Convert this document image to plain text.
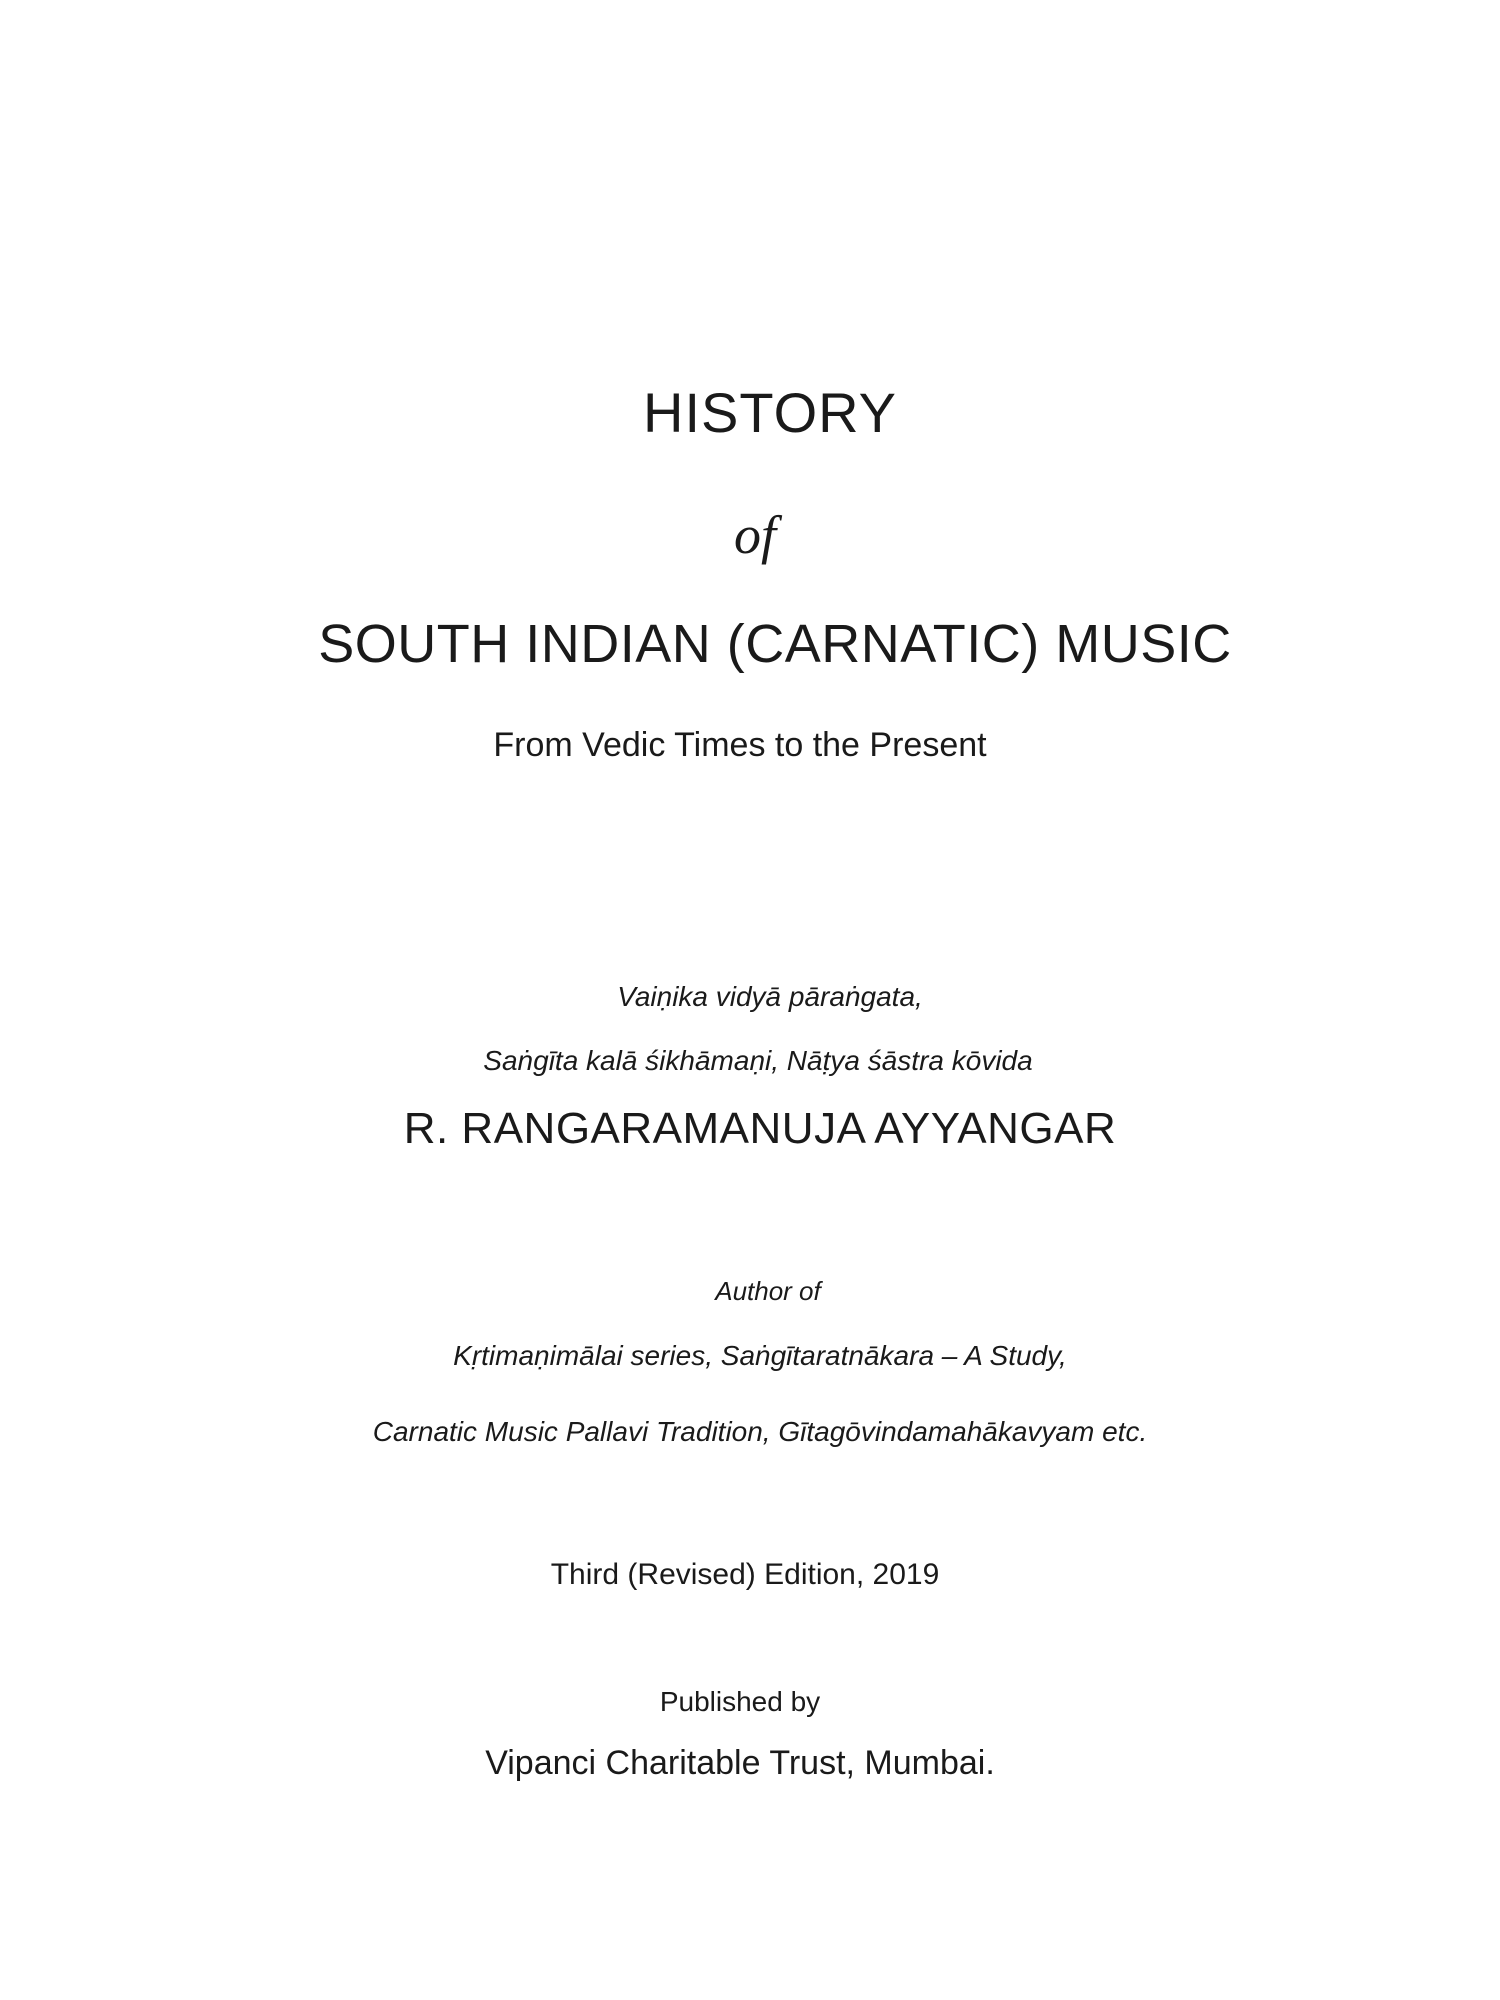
HISTORY
of
SOUTH INDIAN (CARNATIC) MUSIC
From Vedic Times to the Present
Vaiṇika vidyā pāraṅgata,
Saṅgīta kalā śikhāmaṇi, Nāṭya śāstra kōvida
R. RANGARAMANUJA AYYANGAR
Author of
Kṛtimaṇimālai series, Saṅgītaratnākara – A Study,
Carnatic Music Pallavi Tradition, Gītagōvindamahākavyam etc.
Third (Revised) Edition, 2019
Published by
Vipanci Charitable Trust, Mumbai.
